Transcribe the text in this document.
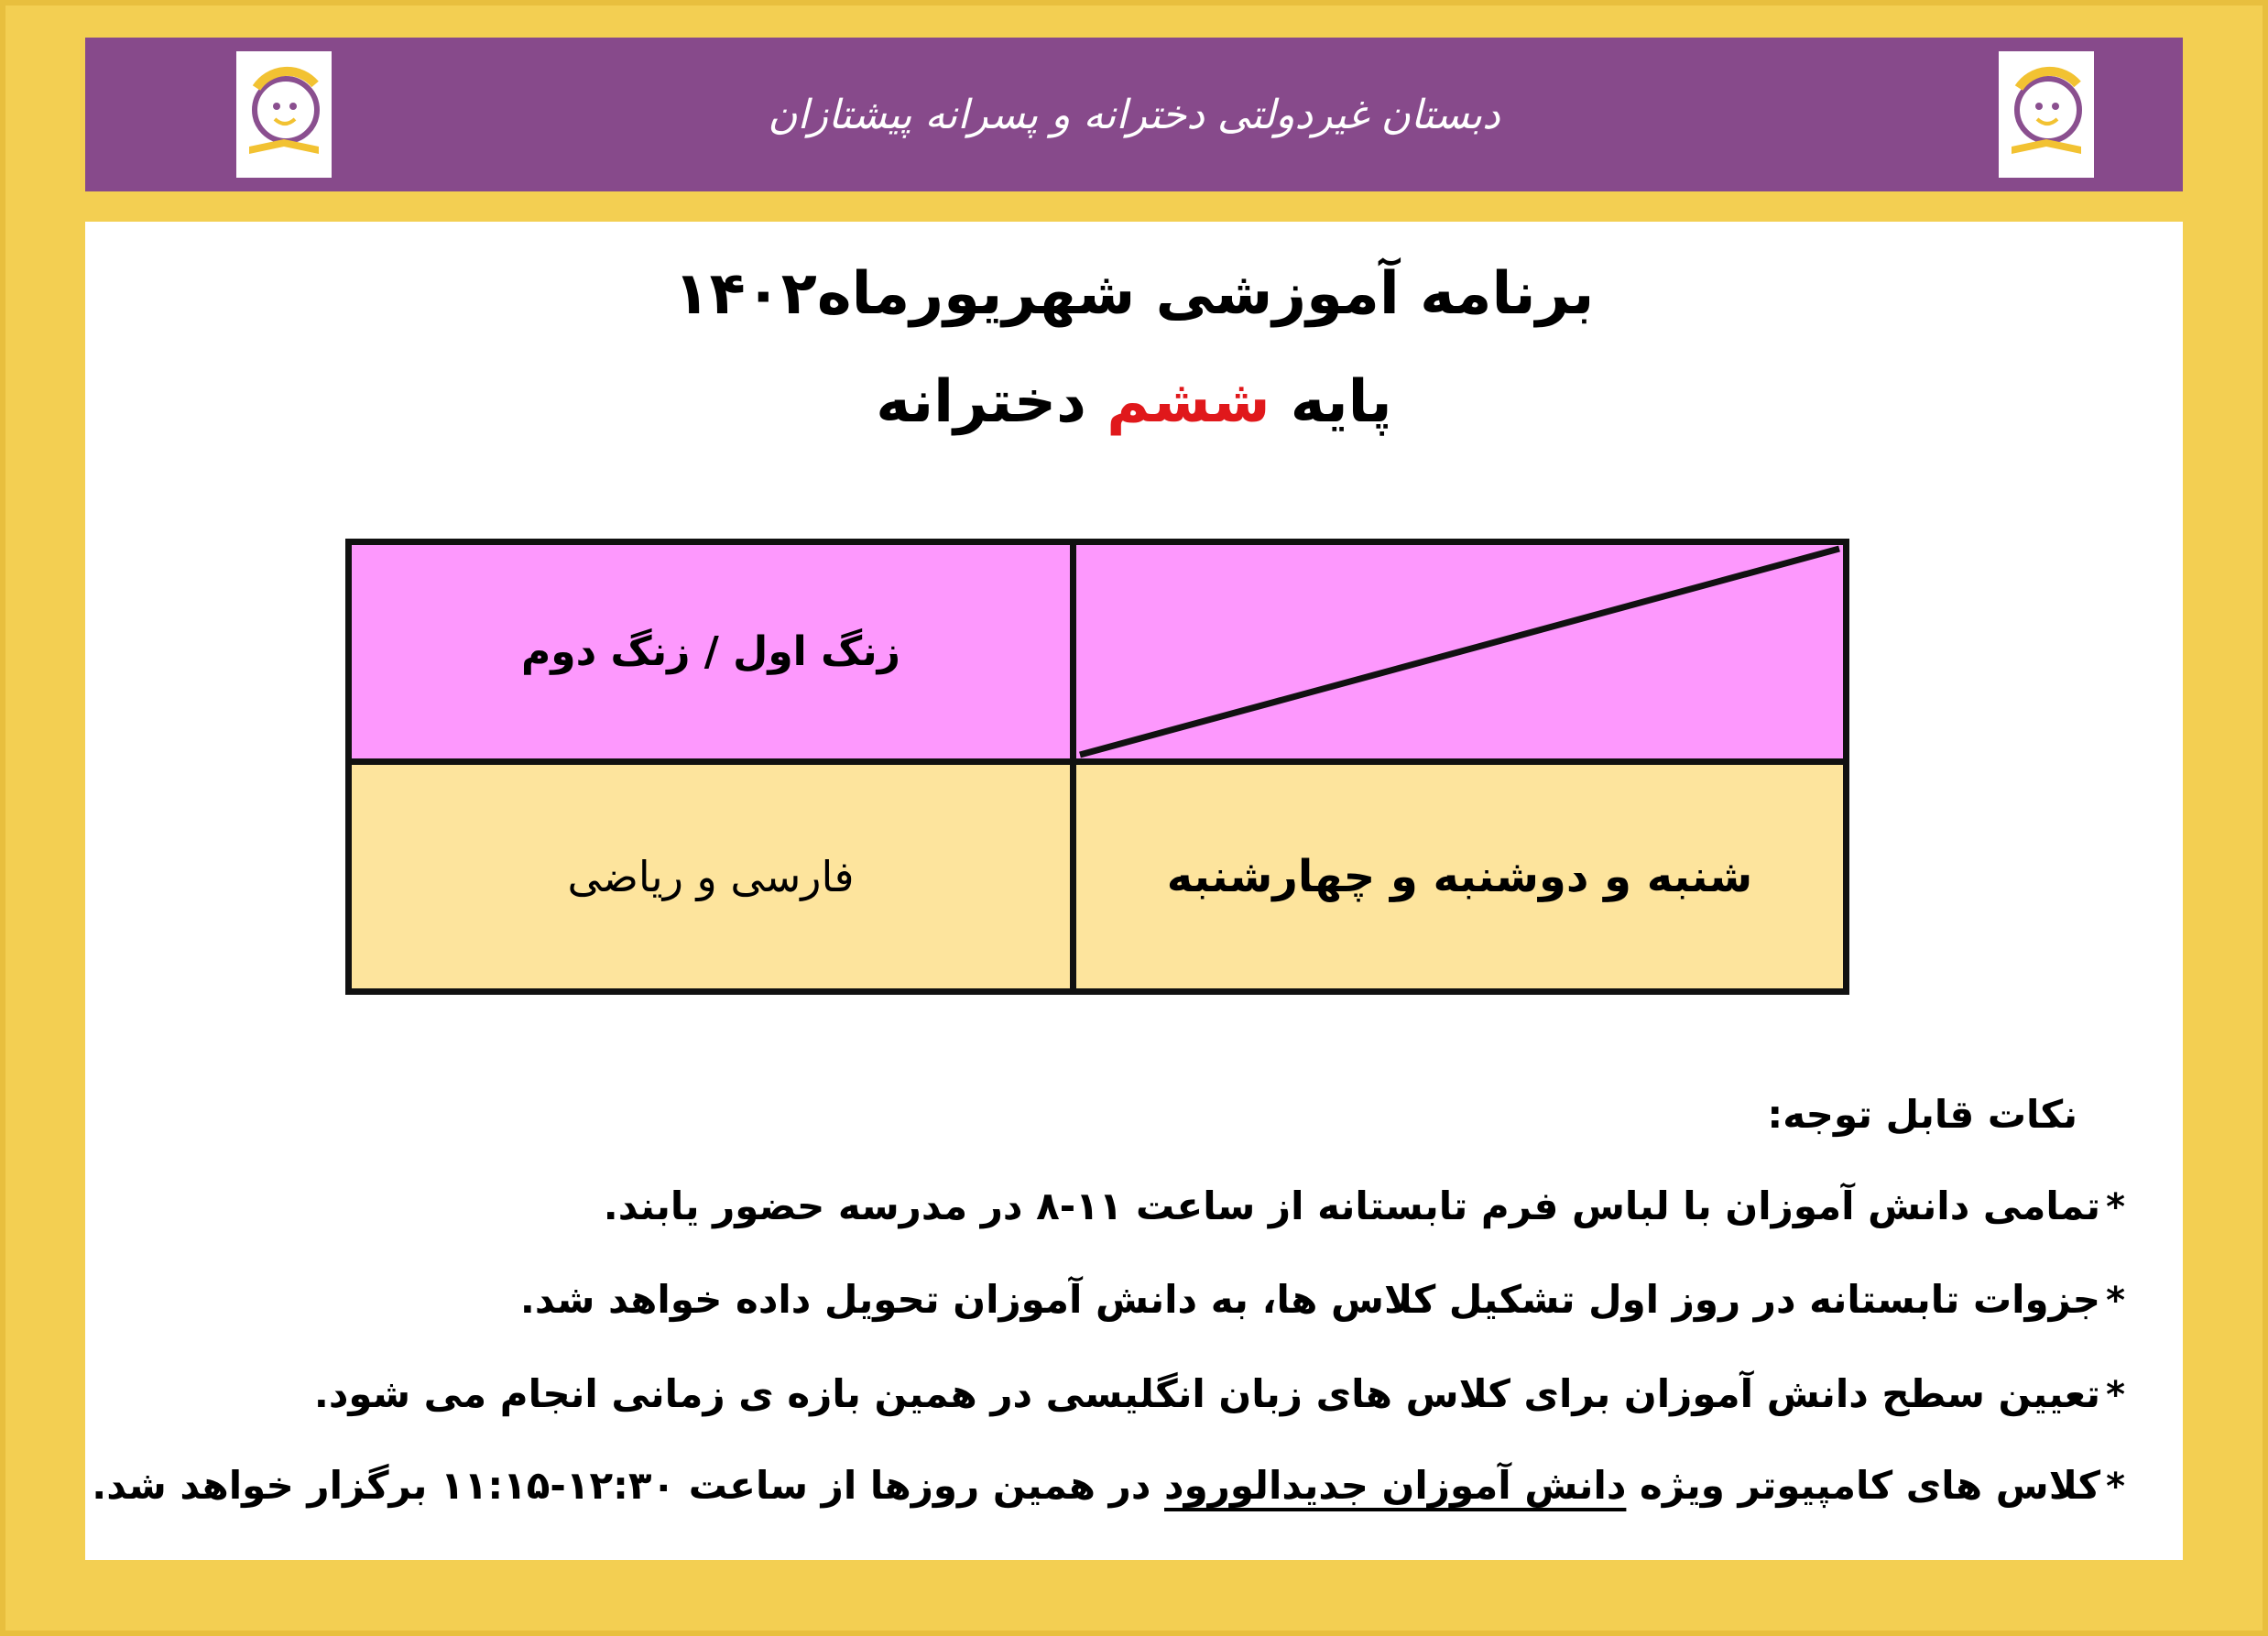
دبستان غیردولتی دخترانه و پسرانه پیشتازان
برنامه آموزشی شهریورماه۱۴۰۲
پایه ششم دخترانه
زنگ اول / زنگ دوم
شنبه و دوشنبه و چهارشنبه
فارسی و ریاضی
نکات قابل توجه:
*تمامی دانش آموزان با لباس فرم تابستانه از ساعت ۱۱-۸ در مدرسه حضور یابند.
*جزوات تابستانه در روز اول تشکیل کلاس ها، به دانش آموزان تحویل داده خواهد شد.
*تعیین سطح دانش آموزان برای کلاس های زبان انگلیسی در همین بازه ی زمانی انجام می شود.
*کلاس های کامپیوتر ویژه دانش آموزان جدیدالورود در همین روزها از ساعت ۱۲:۳۰-۱۱:۱۵ برگزار خواهد شد.
